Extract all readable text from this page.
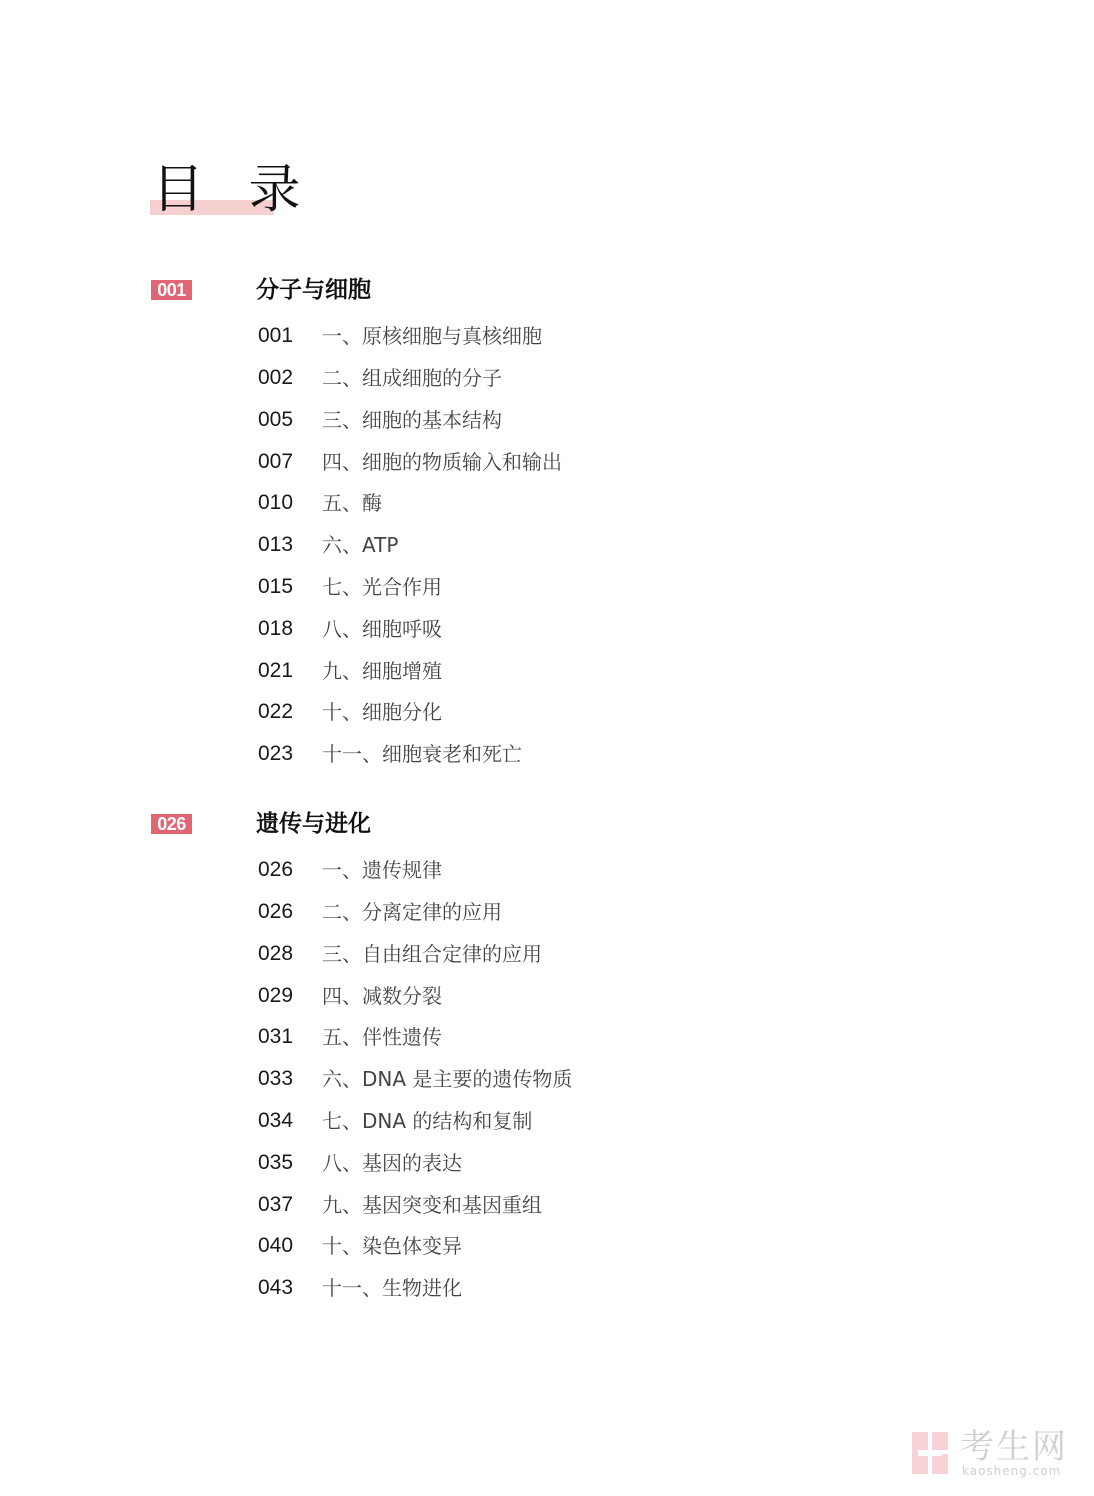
目 录
001	分子与细胞
001 一、原核细胞与真核细胞
002 二、组成细胞的分子
005 三、细胞的基本结构
007 四、细胞的物质输入和输出
010 五、酶
013 六、ATP
015 七、光合作用
018 八、细胞呼吸
021 九、细胞增殖
022 十、细胞分化
023 十一、细胞衰老和死亡
026	遗传与进化
026 一、遗传规律
026 二、分离定律的应用
028 三、自由组合定律的应用
029 四、减数分裂
031 五、伴性遗传
033 六、DNA 是主要的遗传物质
034 七、DNA 的结构和复制
035 八、基因的表达
037 九、基因突变和基因重组
040 十、染色体变异
043 十一、生物进化
考生网
kaosheng.com
